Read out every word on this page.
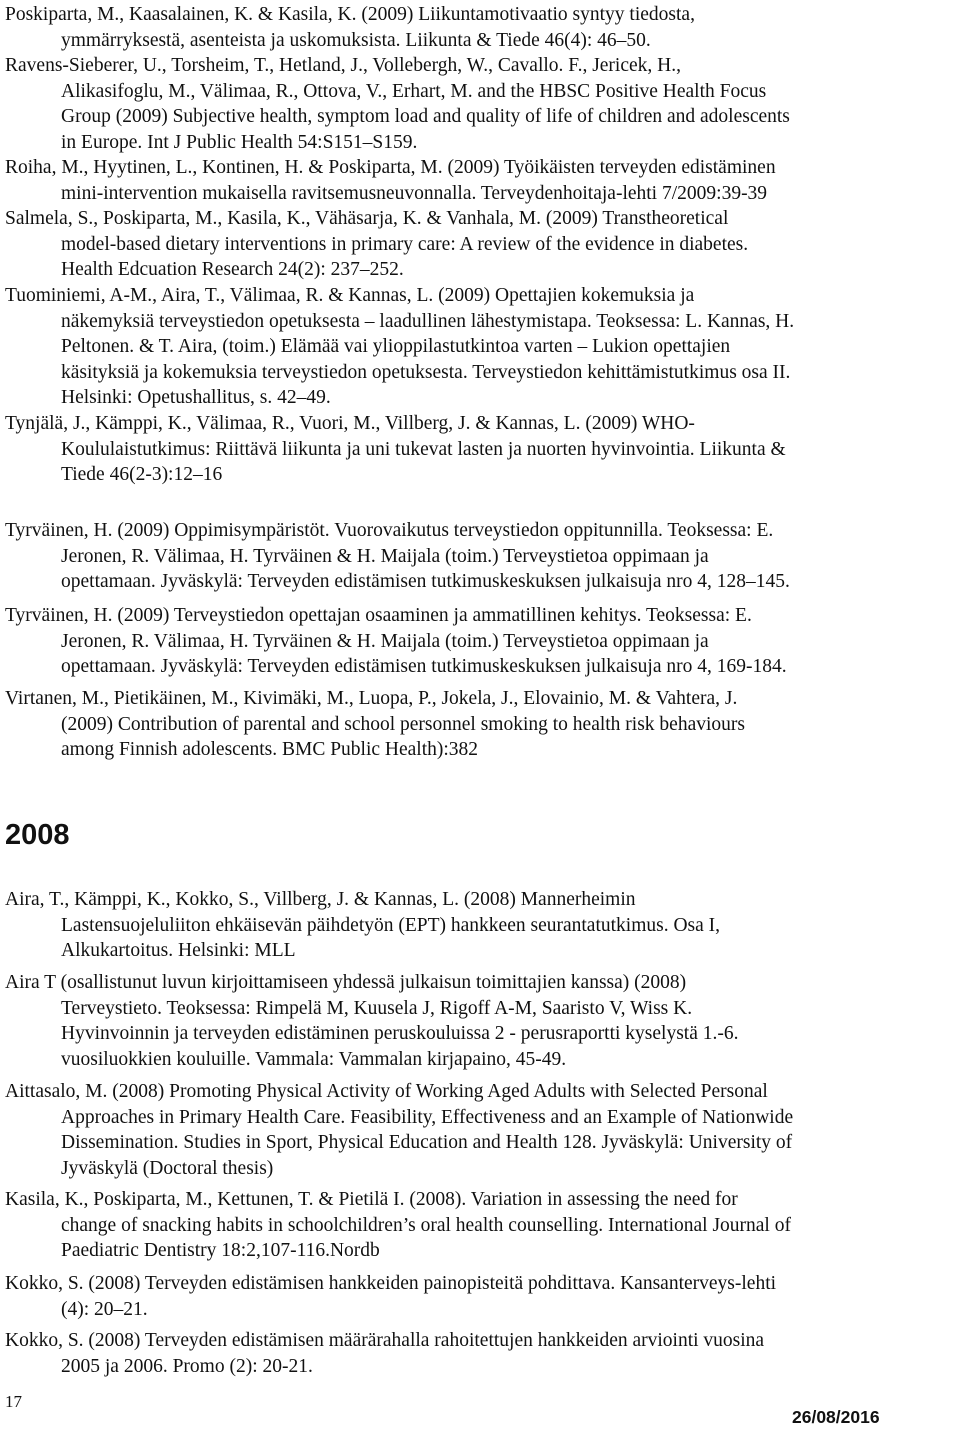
Poskiparta, M., Kaasalainen, K. & Kasila, K. (2009) Liikuntamotivaatio syntyy tiedosta,
ymmärryksestä, asenteista ja uskomuksista. Liikunta & Tiede 46(4): 46–50.
Ravens-Sieberer, U., Torsheim, T., Hetland, J., Vollebergh, W., Cavallo. F., Jericek, H.,
Alikasifoglu, M., Välimaa, R., Ottova, V., Erhart, M. and the HBSC Positive Health Focus
Group (2009) Subjective health, symptom load and quality of life of children and adolescents
in Europe. Int J Public Health 54:S151–S159.
Roiha, M., Hyytinen, L., Kontinen, H. & Poskiparta, M. (2009) Työikäisten terveyden edistäminen
mini-intervention mukaisella ravitsemusneuvonnalla. Terveydenhoitaja-lehti 7/2009:39-39
Salmela, S., Poskiparta, M., Kasila, K., Vähäsarja, K. & Vanhala, M. (2009) Transtheoretical
model-based dietary interventions in primary care: A review of the evidence in diabetes.
Health Edcuation Research 24(2): 237–252.
Tuominiemi, A-M., Aira, T., Välimaa, R. & Kannas, L. (2009) Opettajien kokemuksia ja
näkemyksiä terveystiedon opetuksesta – laadullinen lähestymistapa. Teoksessa: L. Kannas, H.
Peltonen. & T. Aira, (toim.) Elämää vai ylioppilastutkintoa varten – Lukion opettajien
käsityksiä ja kokemuksia terveystiedon opetuksesta. Terveystiedon kehittämistutkimus osa II.
Helsinki: Opetushallitus, s. 42–49.
Tynjälä, J., Kämppi, K., Välimaa, R., Vuori, M., Villberg, J. & Kannas, L. (2009) WHO-
Koululaistutkimus: Riittävä liikunta ja uni tukevat lasten ja nuorten hyvinvointia. Liikunta &
Tiede 46(2-3):12–16
Tyrväinen, H. (2009) Oppimisympäristöt. Vuorovaikutus terveystiedon oppitunnilla. Teoksessa: E.
Jeronen, R. Välimaa, H. Tyrväinen & H. Maijala (toim.) Terveystietoa oppimaan ja
opettamaan. Jyväskylä: Terveyden edistämisen tutkimuskeskuksen julkaisuja nro 4, 128–145.
Tyrväinen, H. (2009) Terveystiedon opettajan osaaminen ja ammatillinen kehitys. Teoksessa: E.
Jeronen, R. Välimaa, H. Tyrväinen & H. Maijala (toim.) Terveystietoa oppimaan ja
opettamaan. Jyväskylä: Terveyden edistämisen tutkimuskeskuksen julkaisuja nro 4, 169-184.
Virtanen, M., Pietikäinen, M., Kivimäki, M., Luopa, P., Jokela, J., Elovainio, M. & Vahtera, J.
(2009) Contribution of parental and school personnel smoking to health risk behaviours
among Finnish adolescents. BMC Public Health):382
2008
Aira, T., Kämppi, K., Kokko, S., Villberg, J. & Kannas, L. (2008) Mannerheimin
Lastensuojeluliiton ehkäisevän päihdetyön (EPT) hankkeen seurantatutkimus. Osa I,
Alkukartoitus. Helsinki: MLL
Aira T (osallistunut luvun kirjoittamiseen yhdessä julkaisun toimittajien kanssa) (2008)
Terveystieto. Teoksessa: Rimpelä M, Kuusela J, Rigoff A-M, Saaristo V, Wiss K.
Hyvinvoinnin ja terveyden edistäminen peruskouluissa 2 - perusraportti kyselystä 1.-6.
vuosiluokkien kouluille. Vammala: Vammalan kirjapaino, 45-49.
Aittasalo, M. (2008) Promoting Physical Activity of Working Aged Adults with Selected Personal
Approaches in Primary Health Care. Feasibility, Effectiveness and an Example of Nationwide
Dissemination. Studies in Sport, Physical Education and Health 128. Jyväskylä: University of
Jyväskylä (Doctoral thesis)
Kasila, K., Poskiparta, M., Kettunen, T. & Pietilä I. (2008). Variation in assessing the need for
change of snacking habits in schoolchildren’s oral health counselling. International Journal of
Paediatric Dentistry 18:2,107-116.Nordb
Kokko, S. (2008) Terveyden edistämisen hankkeiden painopisteitä pohdittava. Kansanterveys-lehti
(4): 20–21.
Kokko, S. (2008) Terveyden edistämisen määrärahalla rahoitettujen hankkeiden arviointi vuosina
2005 ja 2006. Promo (2): 20-21.
17
26/08/2016
